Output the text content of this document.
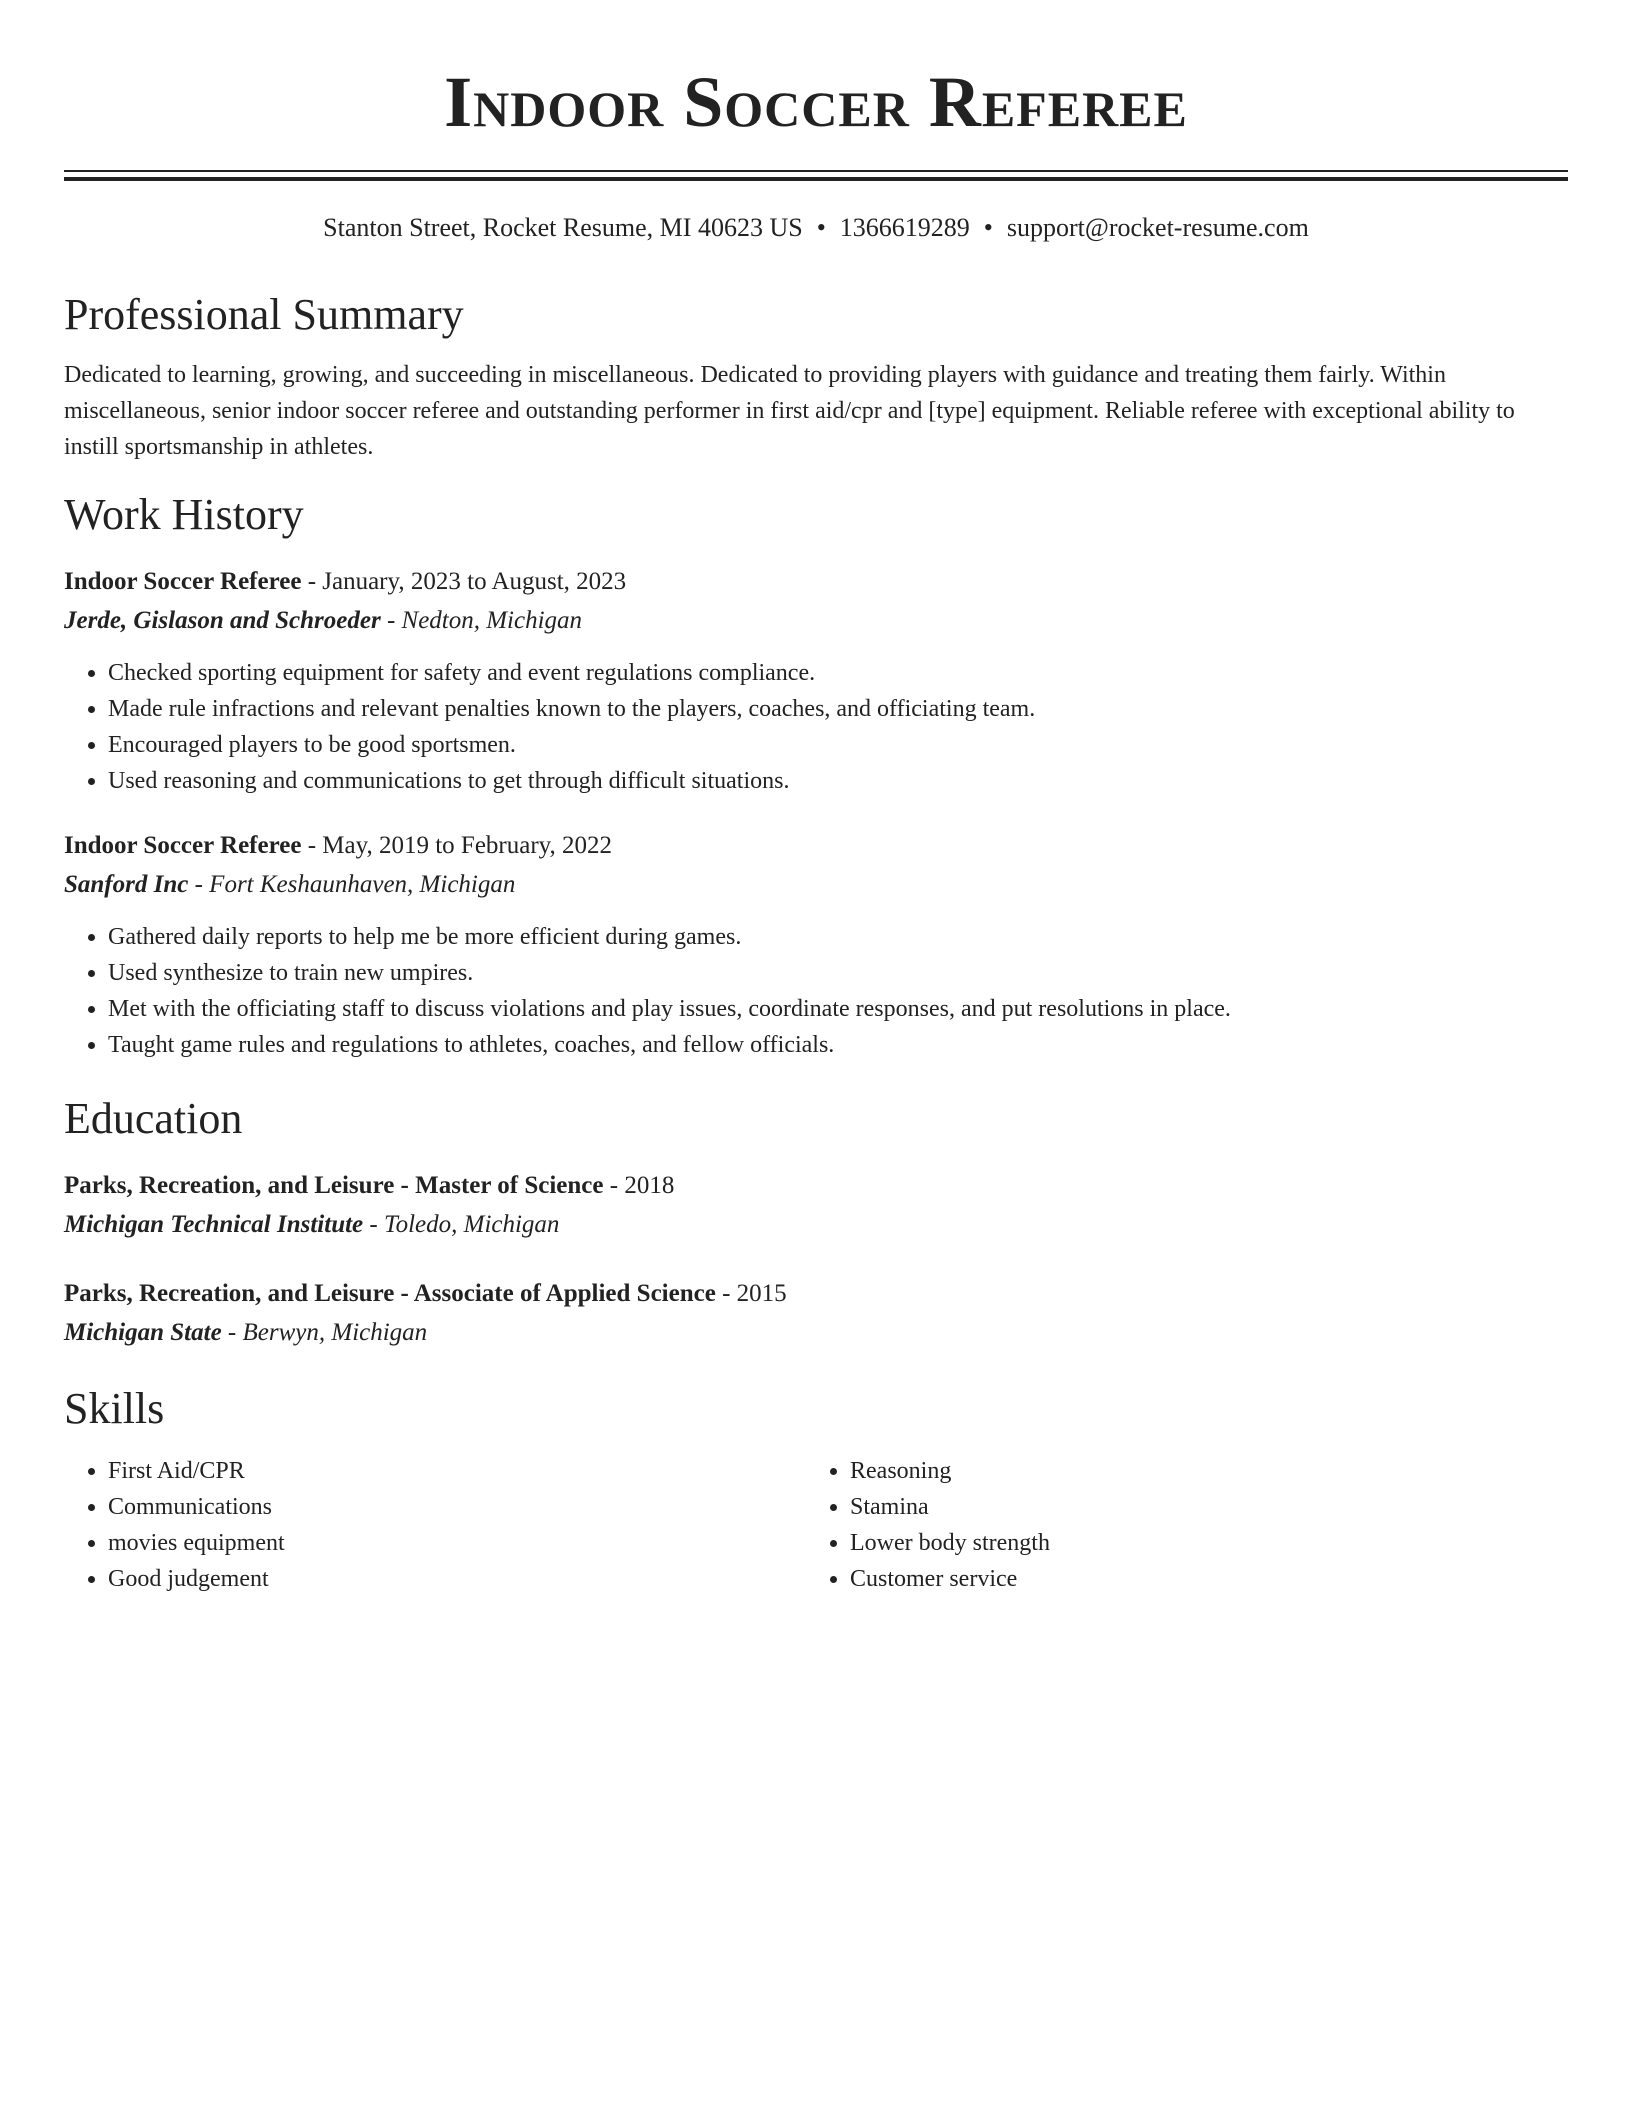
Indoor Soccer Referee
Stanton Street, Rocket Resume, MI 40623 US • 1366619289 • support@rocket-resume.com
Professional Summary

Dedicated to learning, growing, and succeeding in miscellaneous. Dedicated to providing players with guidance and treating them fairly. Within miscellaneous, senior indoor soccer referee and outstanding performer in first aid/cpr and [type] equipment. Reliable referee with exceptional ability to instill sportsmanship in athletes.

Work History
Indoor Soccer Referee - January, 2023 to August, 2023
Jerde, Gislason and Schroeder - Nedton, Michigan
• Checked sporting equipment for safety and event regulations compliance.
• Made rule infractions and relevant penalties known to the players, coaches, and officiating team.
• Encouraged players to be good sportsmen.
• Used reasoning and communications to get through difficult situations.
Indoor Soccer Referee - May, 2019 to February, 2022
Sanford Inc - Fort Keshaunhaven, Michigan
• Gathered daily reports to help me be more efficient during games.
• Used synthesize to train new umpires.
• Met with the officiating staff to discuss violations and play issues, coordinate responses, and put resolutions in place.
• Taught game rules and regulations to athletes, coaches, and fellow officials.
Education
Parks, Recreation, and Leisure - Master of Science - 2018
Michigan Technical Institute - Toledo, Michigan
Parks, Recreation, and Leisure - Associate of Applied Science - 2015
Michigan State - Berwyn, Michigan
Skills
• First Aid/CPR
• Communications
• movies equipment
• Good judgement
• Reasoning
• Stamina
• Lower body strength
• Customer service
